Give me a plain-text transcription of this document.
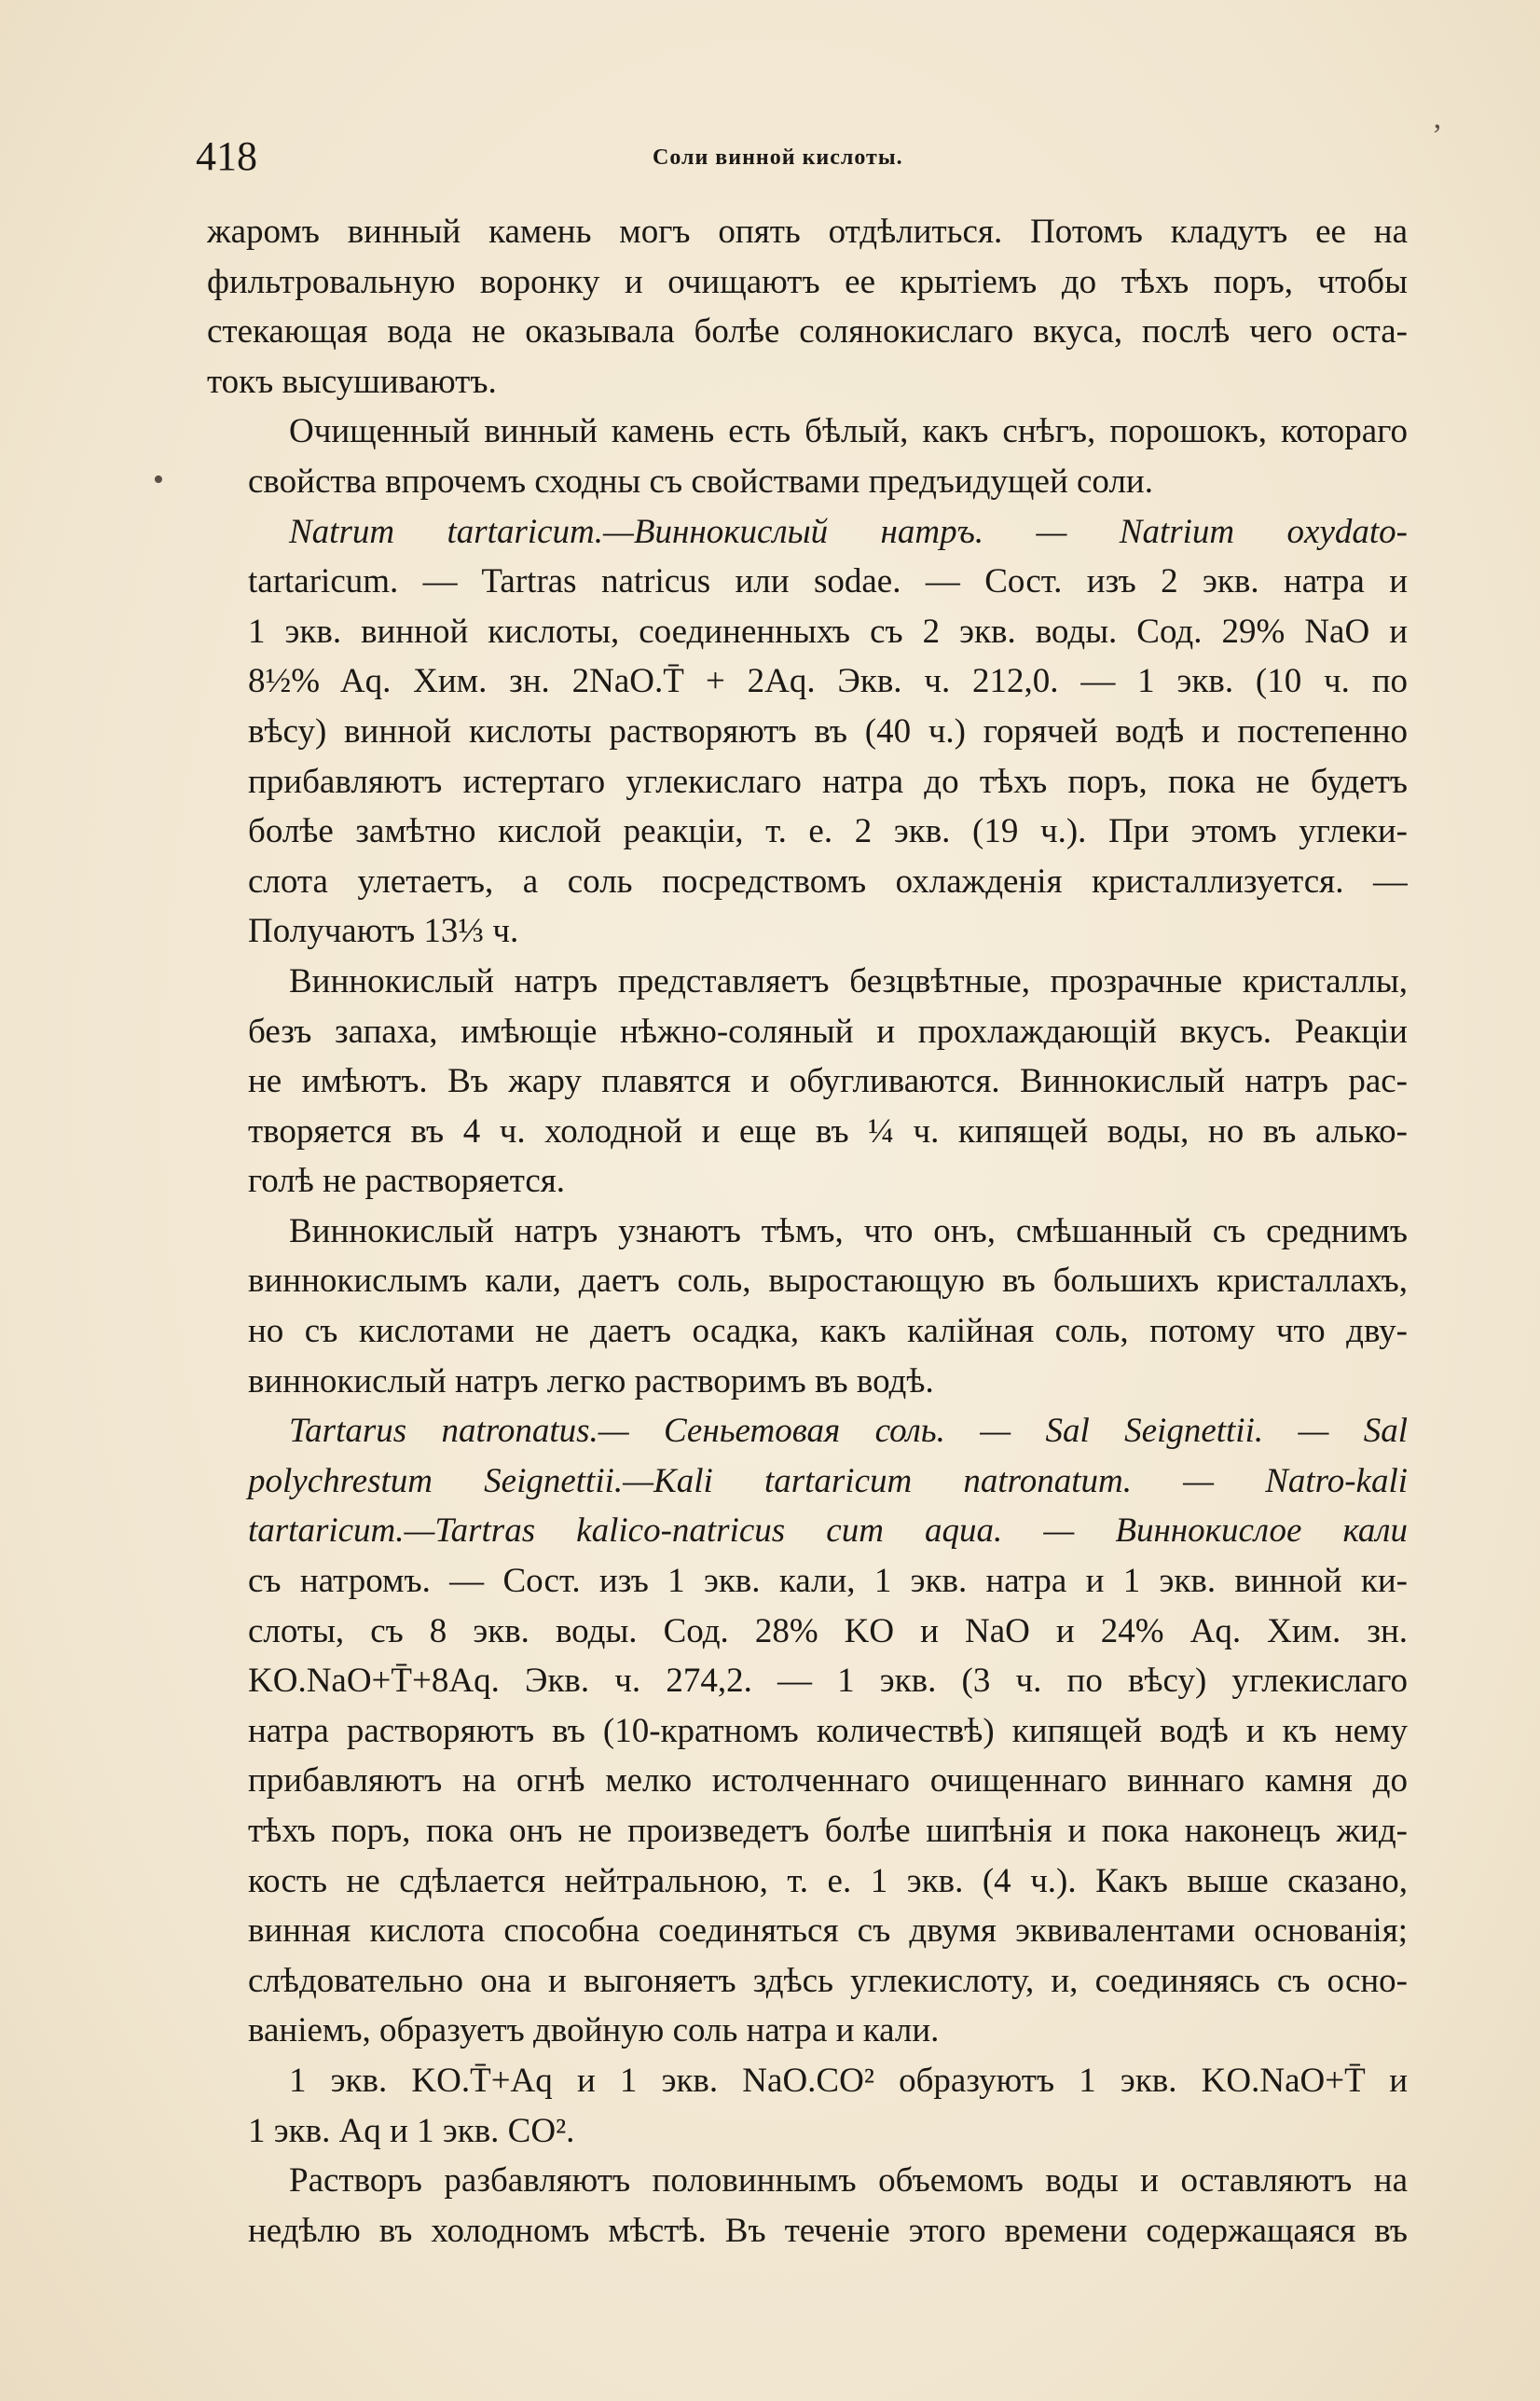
418	Соли винной кислоты.

жаромъ винный камень могъ опять отдѣлиться. Потомъ кладутъ ее на
фильтровальную воронку и очищаютъ ее крытіемъ до тѣхъ поръ, чтобы
стекающая вода не оказывала болѣе солянокислаго вкуса, послѣ чего оста-
токъ высушиваютъ.

Очищенный винный камень есть бѣлый, какъ снѣгъ, порошокъ, котораго
свойства впрочемъ сходны съ свойствами предъидущей соли.

Natrum tartaricum.—Виннокислый натръ. — Natrium oxydato-
tartaricum. — Tartras natricus или sodae. — Сост. изъ 2 экв. натра и
1 экв. винной кислоты, соединенныхъ съ 2 экв. воды. Сод. 29% NaO и
8½% Aq. Хим. зн. 2NaO.T̄ + 2Aq. Экв. ч. 212,0. — 1 экв. (10 ч. по
вѣсу) винной кислоты растворяютъ въ (40 ч.) горячей водѣ и постепенно
прибавляютъ истертаго углекислаго натра до тѣхъ поръ, пока не будетъ
болѣе замѣтно кислой реакціи, т. е. 2 экв. (19 ч.). При этомъ углеки-
слота улетаетъ, а соль посредствомъ охлажденія кристаллизуется. —
Получаютъ 13⅓ ч.

Виннокислый натръ представляетъ безцвѣтные, прозрачные кристаллы,
безъ запаха, имѣющіе нѣжно-соляный и прохлаждающій вкусъ. Реакціи
не имѣютъ. Въ жару плавятся и обугливаются. Виннокислый натръ рас-
творяется въ 4 ч. холодной и еще въ ¼ ч. кипящей воды, но въ алько-
голѣ не растворяется.

Виннокислый натръ узнаютъ тѣмъ, что онъ, смѣшанный съ среднимъ
виннокислымъ кали, даетъ соль, выростающую въ большихъ кристаллахъ,
но съ кислотами не даетъ осадка, какъ калійная соль, потому что дву-
виннокислый натръ легко растворимъ въ водѣ.

Tartarus natronatus.— Сеньетовая соль. — Sal Seignettii. — Sal
polychrestum Seignettii.—Kali tartaricum natronatum. — Natro-kali
tartaricum.—Tartras kalico-natricus cum aqua. — Виннокислое кали
съ натромъ. — Сост. изъ 1 экв. кали, 1 экв. натра и 1 экв. винной ки-
слоты, съ 8 экв. воды. Сод. 28% KO и NaO и 24% Aq. Хим. зн.
KO.NaO+T̄+8Aq. Экв. ч. 274,2. — 1 экв. (3 ч. по вѣсу) углекислаго
натра растворяютъ въ (10-кратномъ количествѣ) кипящей водѣ и къ нему
прибавляютъ на огнѣ мелко истолченнаго очищеннаго виннаго камня до
тѣхъ поръ, пока онъ не произведетъ болѣе шипѣнія и пока наконецъ жид-
кость не сдѣлается нейтральною, т. е. 1 экв. (4 ч.). Какъ выше сказано,
винная кислота способна соединяться съ двумя эквивалентами основанія;
слѣдовательно она и выгоняетъ здѣсь углекислоту, и, соединяясь съ осно-
ваніемъ, образуетъ двойную соль натра и кали.

1 экв. KO.T̄+Aq и 1 экв. NaO.CO² образуютъ 1 экв. KO.NaO+T̄ и
1 экв. Aq и 1 экв. CO².

Растворъ разбавляютъ половиннымъ объемомъ воды и оставляютъ на
недѣлю въ холодномъ мѣстѣ. Въ теченіе этого времени содержащаяся въ

‚
•
